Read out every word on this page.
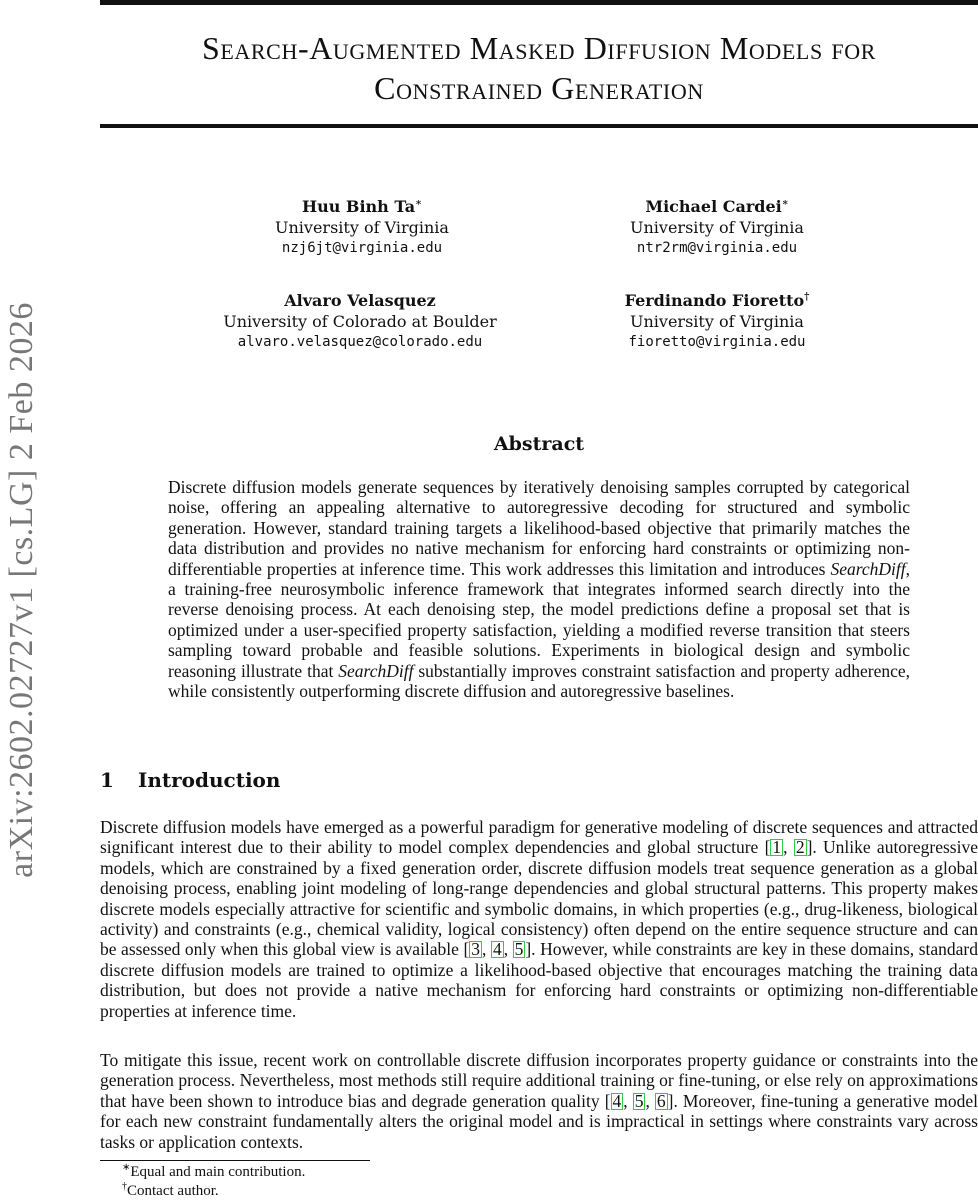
arXiv:2602.02727v1 [cs.LG] 2 Feb 2026
Search-Augmented Masked Diffusion Models for
Constrained Generation
Huu Binh Ta∗
University of Virginia
nzj6jt@virginia.edu
Michael Cardei∗
University of Virginia
ntr2rm@virginia.edu
Alvaro Velasquez
University of Colorado at Boulder
alvaro.velasquez@colorado.edu
Ferdinando Fioretto†
University of Virginia
fioretto@virginia.edu
Abstract

Discrete diffusion models generate sequences by iteratively denoising samples corrupted by categorical noise, offering an appealing alternative to autoregressive decoding for structured and symbolic generation. However, standard training targets a likelihood-based objective that primarily matches the data distribution and provides no native mechanism for enforcing hard constraints or optimizing non-differentiable properties at inference time. This work addresses this limitation and introduces SearchDiff, a training-free neurosymbolic inference framework that integrates informed search directly into the reverse denoising process. At each denoising step, the model predictions define a proposal set that is optimized under a user-specified property satisfaction, yielding a modified reverse transition that steers sampling toward probable and feasible solutions. Experiments in biological design and symbolic reasoning illustrate that SearchDiff substantially improves constraint satisfaction and property adherence, while consistently outperforming discrete diffusion and autoregressive baselines.

1 Introduction

Discrete diffusion models have emerged as a powerful paradigm for generative modeling of discrete sequences and attracted significant interest due to their ability to model complex dependencies and global structure [ 1 , 2 ]. Unlike autoregressive models, which are constrained by a fixed generation order, discrete diffusion models treat sequence generation as a global denoising process, enabling joint modeling of long-range dependencies and global structural patterns. This property makes discrete models especially attractive for scientific and symbolic domains, in which properties (e.g., drug-likeness, biological activity) and constraints (e.g., chemical validity, logical consistency) often depend on the entire sequence structure and can be assessed only when this global view is available [ 3 , 4 , 5 ]. However, while constraints are key in these domains, standard discrete diffusion models are trained to optimize a likelihood-based objective that encourages matching the training data distribution, but does not provide a native mechanism for enforcing hard constraints or optimizing non-differentiable properties at inference time.

To mitigate this issue, recent work on controllable discrete diffusion incorporates property guidance or constraints into the generation process. Nevertheless, most methods still require additional training or fine-tuning, or else rely on approximations that have been shown to introduce bias and degrade generation quality [ 4 , 5 , 6 ]. Moreover, fine-tuning a generative model for each new constraint fundamentally alters the original model and is impractical in settings where constraints vary across tasks or application contexts.

∗Equal and main contribution.
†Contact author.
